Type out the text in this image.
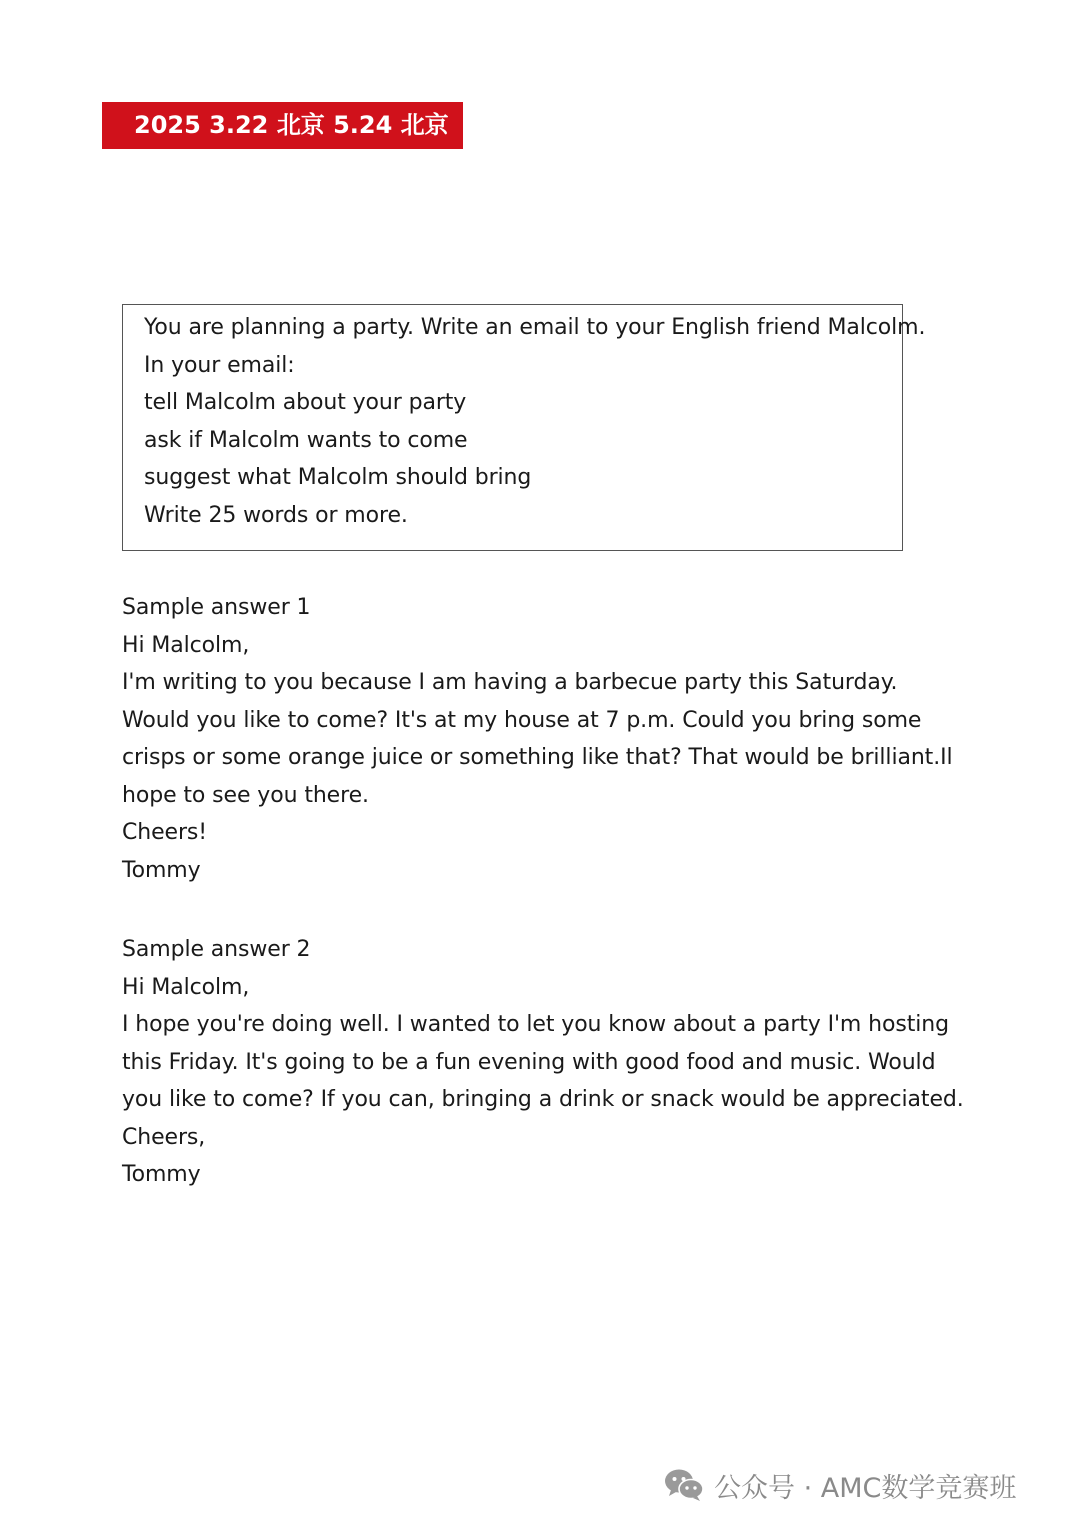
2025 3.22 北京 5.24 北京
You are planning a party. Write an email to your English friend Malcolm.
In your email:
tell Malcolm about your party
ask if Malcolm wants to come
suggest what Malcolm should bring
Write 25 words or more.
Sample answer 1
Hi Malcolm,
I'm writing to you because I am having a barbecue party this Saturday.
Would you like to come? It's at my house at 7 p.m. Could you bring some
crisps or some orange juice or something like that? That would be brilliant.Il
hope to see you there.
Cheers!
Tommy
Sample answer 2
Hi Malcolm,
I hope you're doing well. I wanted to let you know about a party I'm hosting
this Friday. It's going to be a fun evening with good food and music. Would
you like to come? If you can, bringing a drink or snack would be appreciated.
Cheers,
Tommy
公众号 · AMC数学竞赛班
